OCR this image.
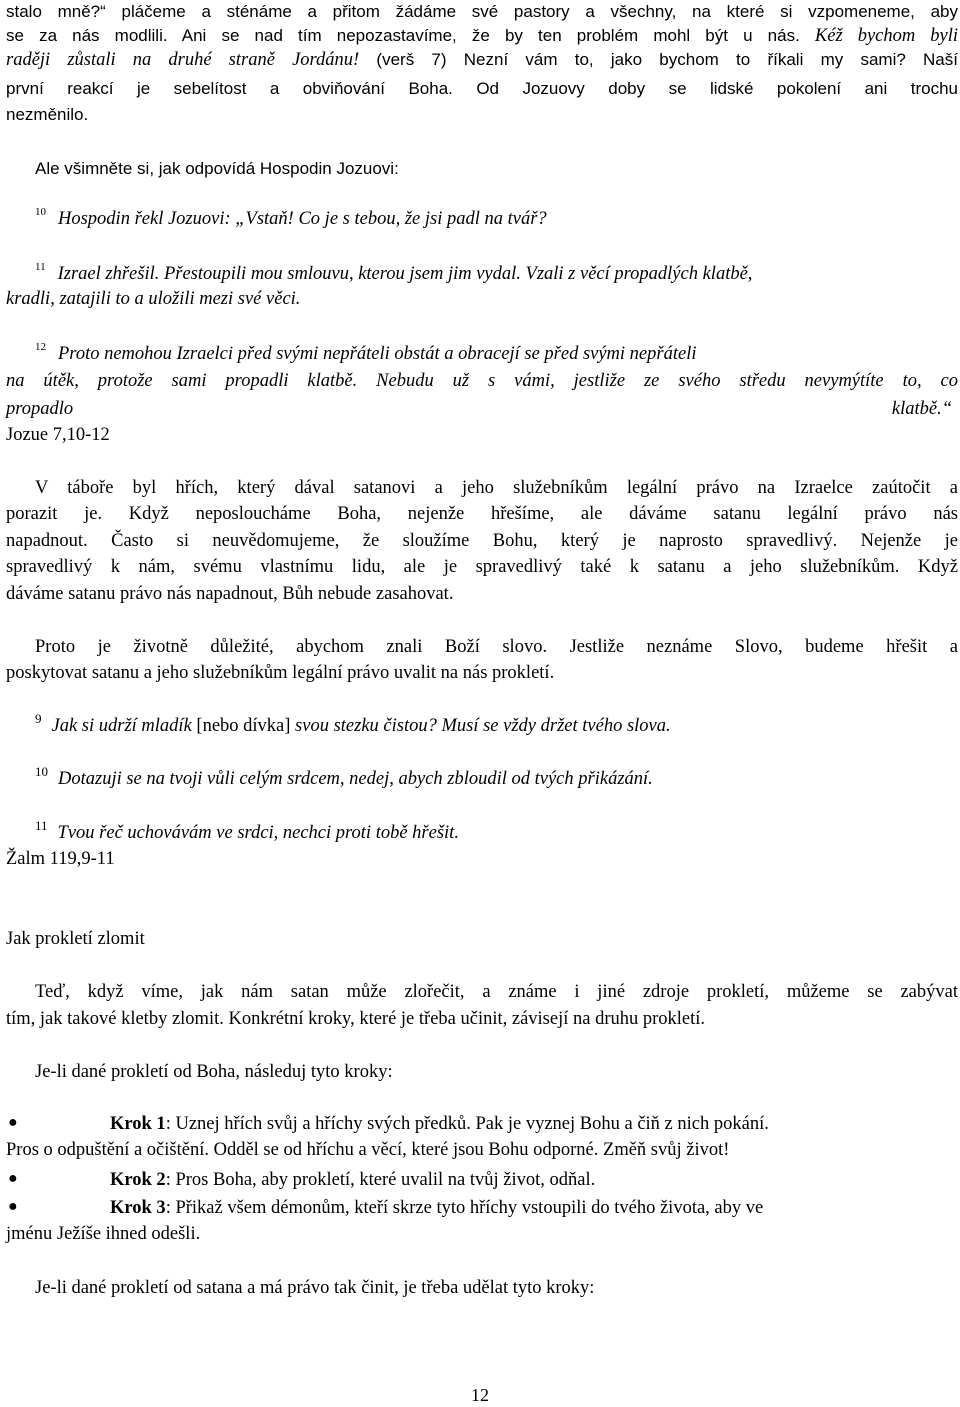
stalo mně?“ pláčeme a sténáme a přitom žádáme své pastory a všechny, na které si vzpomeneme, aby
se za nás modlili. Ani se nad tím nepozastavíme, že by ten problém mohl být u nás. Kéž bychom byli
raději zůstali na druhé straně Jordánu! (verš 7) Nezní vám to, jako bychom to říkali my sami? Naší
první reakcí je sebelítost a obviňování Boha. Od Jozuovy doby se lidské pokolení ani trochu
nezměnilo.
Ale všimněte si, jak odpovídá Hospodin Jozuovi:
$^{10}$ Hospodin řekl Jozuovi: „Vstaň! Co je s tebou, že jsi padl na tvář?
$^{11}$ Izrael zhřešil. Přestoupili mou smlouvu, kterou jsem jim vydal. Vzali z věcí propadlých klatbě,
kradli, zatajili to a uložili mezi své věci.
$^{12}$ Proto nemohou Izraelci před svými nepřáteli obstát a obracejí se před svými nepřáteli
na útěk, protože sami propadli klatbě. Nebudu už s vámi, jestliže ze svého středu nevymýtíte to, co
propadlo	klatbě.“
Jozue 7,10-12
V táboře byl hřích, který dával satanovi a jeho služebníkům legální právo na Izraelce zaútočit a
porazit je. Když neposloucháme Boha, nejenže hřešíme, ale dáváme satanu legální právo nás
napadnout. Často si neuvědomujeme, že sloužíme Bohu, který je naprosto spravedlivý. Nejenže je
spravedlivý k nám, svému vlastnímu lidu, ale je spravedlivý také k satanu a jeho služebníkům. Když
dáváme satanu právo nás napadnout, Bůh nebude zasahovat.
Proto je životně důležité, abychom znali Boží slovo. Jestliže neznáme Slovo, budeme hřešit a
poskytovat satanu a jeho služebníkům legální právo uvalit na nás prokletí.
$^9$ Jak si udrží mladík [nebo dívka] svou stezku čistou? Musí se vždy držet tvého slova.
$^{10}$ Dotazuji se na tvoji vůli celým srdcem, nedej, abych zbloudil od tvých přikázání.
$^{11}$ Tvou řeč uchovávám ve srdci, nechci proti tobě hřešit.
Žalm 119,9-11
Jak prokletí zlomit
Teď, když víme, jak nám satan může zlořečit, a známe i jiné zdroje prokletí, můžeme se zabývat
tím, jak takové kletby zlomit. Konkrétní kroky, které je třeba učinit, závisejí na druhu prokletí.
Je-li dané prokletí od Boha, následuj tyto kroky:
●	Krok 1: Uznej hřích svůj a hříchy svých předků. Pak je vyznej Bohu a čiň z nich pokání.
Pros o odpuštění a očištění. Odděl se od hříchu a věcí, které jsou Bohu odporné. Změň svůj život!
●	Krok 2: Pros Boha, aby prokletí, které uvalil na tvůj život, odňal.
●	Krok 3: Přikaž všem démonům, kteří skrze tyto hříchy vstoupili do tvého života, aby ve
jménu Ježíše ihned odešli.
Je-li dané prokletí od satana a má právo tak činit, je třeba udělat tyto kroky:
12
